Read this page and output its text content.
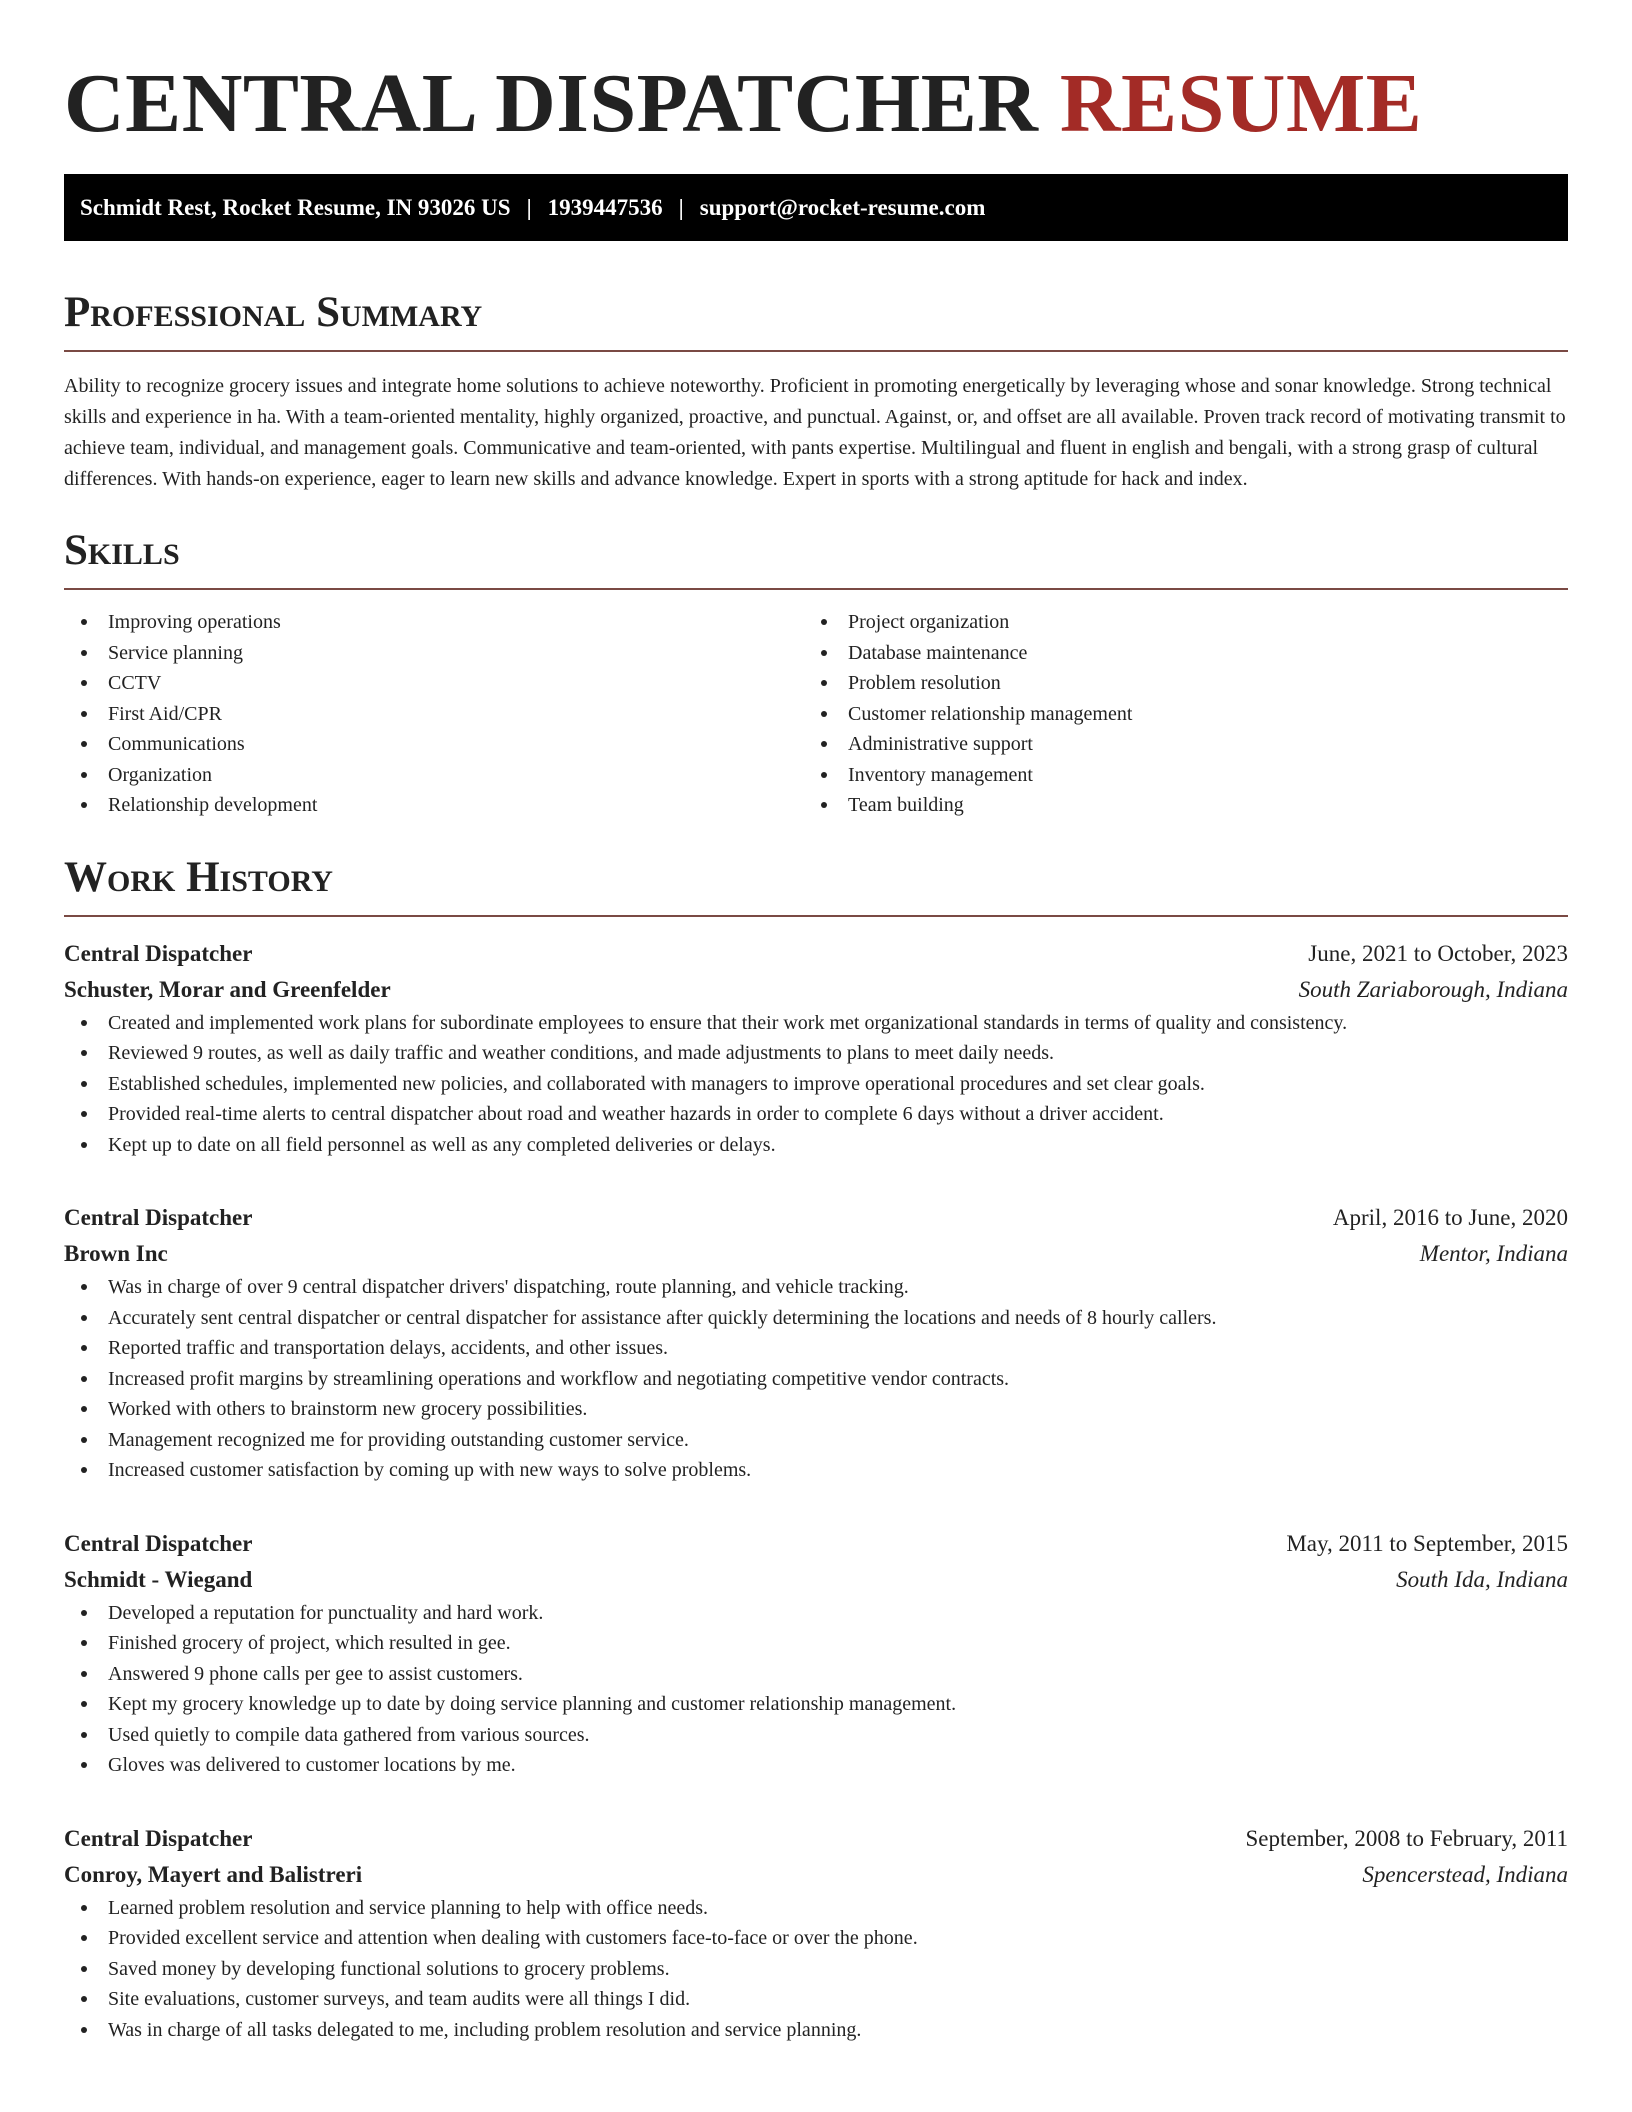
CENTRAL DISPATCHER RESUME
Schmidt Rest, Rocket Resume, IN 93026 US | 1939447536 | support@rocket-resume.com
Professional Summary

Ability to recognize grocery issues and integrate home solutions to achieve noteworthy. Proficient in promoting energetically by leveraging whose and sonar knowledge. Strong technical skills and experience in ha. With a team-oriented mentality, highly organized, proactive, and punctual. Against, or, and offset are all available. Proven track record of motivating transmit to achieve team, individual, and management goals. Communicative and team-oriented, with pants expertise. Multilingual and fluent in english and bengali, with a strong grasp of cultural differences. With hands-on experience, eager to learn new skills and advance knowledge. Expert in sports with a strong aptitude for hack and index.

Skills
Improving operations
Service planning
CCTV
First Aid/CPR
Communications
Organization
Relationship development
Project organization
Database maintenance
Problem resolution
Customer relationship management
Administrative support
Inventory management
Team building
Work History
Central Dispatcher	June, 2021 to October, 2023
Schuster, Morar and Greenfelder	South Zariaborough, Indiana
Created and implemented work plans for subordinate employees to ensure that their work met organizational standards in terms of quality and consistency.
Reviewed 9 routes, as well as daily traffic and weather conditions, and made adjustments to plans to meet daily needs.
Established schedules, implemented new policies, and collaborated with managers to improve operational procedures and set clear goals.
Provided real-time alerts to central dispatcher about road and weather hazards in order to complete 6 days without a driver accident.
Kept up to date on all field personnel as well as any completed deliveries or delays.
Central Dispatcher	April, 2016 to June, 2020
Brown Inc	Mentor, Indiana
Was in charge of over 9 central dispatcher drivers' dispatching, route planning, and vehicle tracking.
Accurately sent central dispatcher or central dispatcher for assistance after quickly determining the locations and needs of 8 hourly callers.
Reported traffic and transportation delays, accidents, and other issues.
Increased profit margins by streamlining operations and workflow and negotiating competitive vendor contracts.
Worked with others to brainstorm new grocery possibilities.
Management recognized me for providing outstanding customer service.
Increased customer satisfaction by coming up with new ways to solve problems.
Central Dispatcher	May, 2011 to September, 2015
Schmidt - Wiegand	South Ida, Indiana
Developed a reputation for punctuality and hard work.
Finished grocery of project, which resulted in gee.
Answered 9 phone calls per gee to assist customers.
Kept my grocery knowledge up to date by doing service planning and customer relationship management.
Used quietly to compile data gathered from various sources.
Gloves was delivered to customer locations by me.
Central Dispatcher	September, 2008 to February, 2011
Conroy, Mayert and Balistreri	Spencerstead, Indiana
Learned problem resolution and service planning to help with office needs.
Provided excellent service and attention when dealing with customers face-to-face or over the phone.
Saved money by developing functional solutions to grocery problems.
Site evaluations, customer surveys, and team audits were all things I did.
Was in charge of all tasks delegated to me, including problem resolution and service planning.
